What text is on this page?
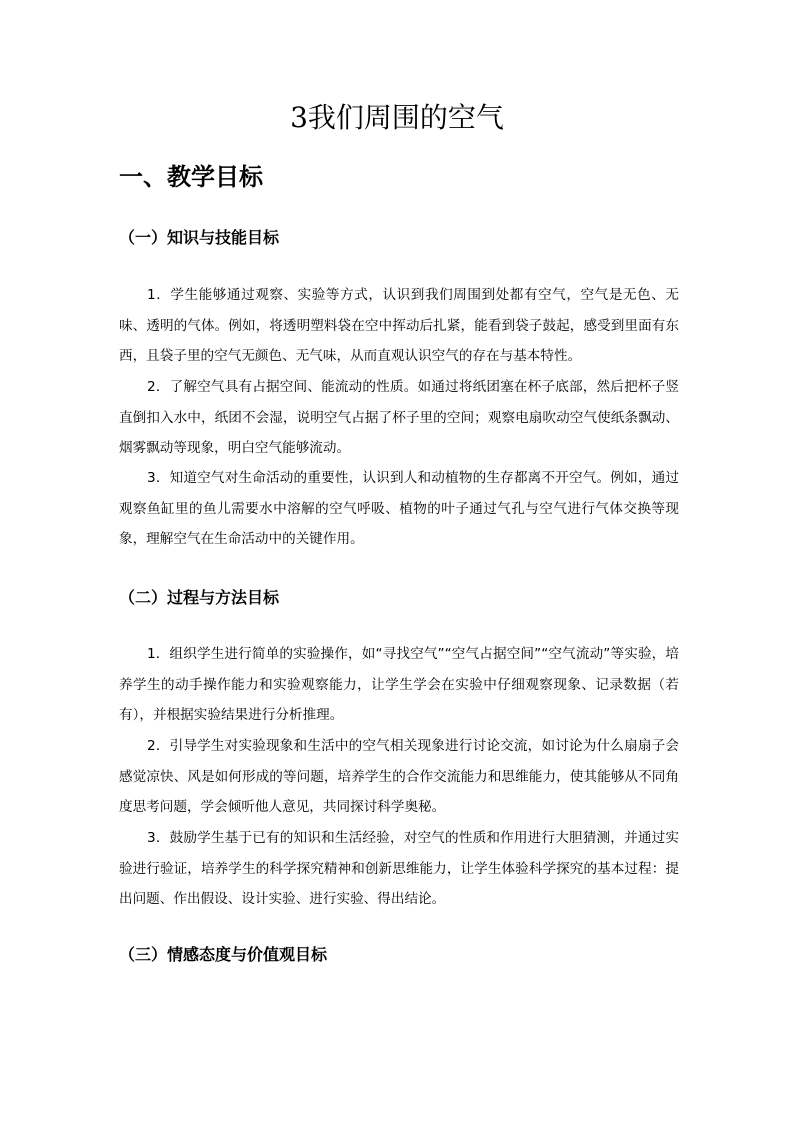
3我们周围的空气
一、教学目标
（一）知识与技能目标

1．学生能够通过观察、实验等方式，认识到我们周围到处都有空气，空气是无色、无味、透明的气体。例如，将透明塑料袋在空中挥动后扎紧，能看到袋子鼓起，感受到里面有东西，且袋子里的空气无颜色、无气味，从而直观认识空气的存在与基本特性。

2．了解空气具有占据空间、能流动的性质。如通过将纸团塞在杯子底部，然后把杯子竖直倒扣入水中，纸团不会湿，说明空气占据了杯子里的空间；观察电扇吹动空气使纸条飘动、烟雾飘动等现象，明白空气能够流动。

3．知道空气对生命活动的重要性，认识到人和动植物的生存都离不开空气。例如，通过观察鱼缸里的鱼儿需要水中溶解的空气呼吸、植物的叶子通过气孔与空气进行气体交换等现象，理解空气在生命活动中的关键作用。

（二）过程与方法目标

1．组织学生进行简单的实验操作，如“寻找空气”“空气占据空间”“空气流动”等实验，培养学生的动手操作能力和实验观察能力，让学生学会在实验中仔细观察现象、记录数据（若有），并根据实验结果进行分析推理。

2．引导学生对实验现象和生活中的空气相关现象进行讨论交流，如讨论为什么扇扇子会感觉凉快、风是如何形成的等问题，培养学生的合作交流能力和思维能力，使其能够从不同角度思考问题，学会倾听他人意见，共同探讨科学奥秘。

3．鼓励学生基于已有的知识和生活经验，对空气的性质和作用进行大胆猜测，并通过实验进行验证，培养学生的科学探究精神和创新思维能力，让学生体验科学探究的基本过程：提出问题、作出假设、设计实验、进行实验、得出结论。

（三）情感态度与价值观目标
